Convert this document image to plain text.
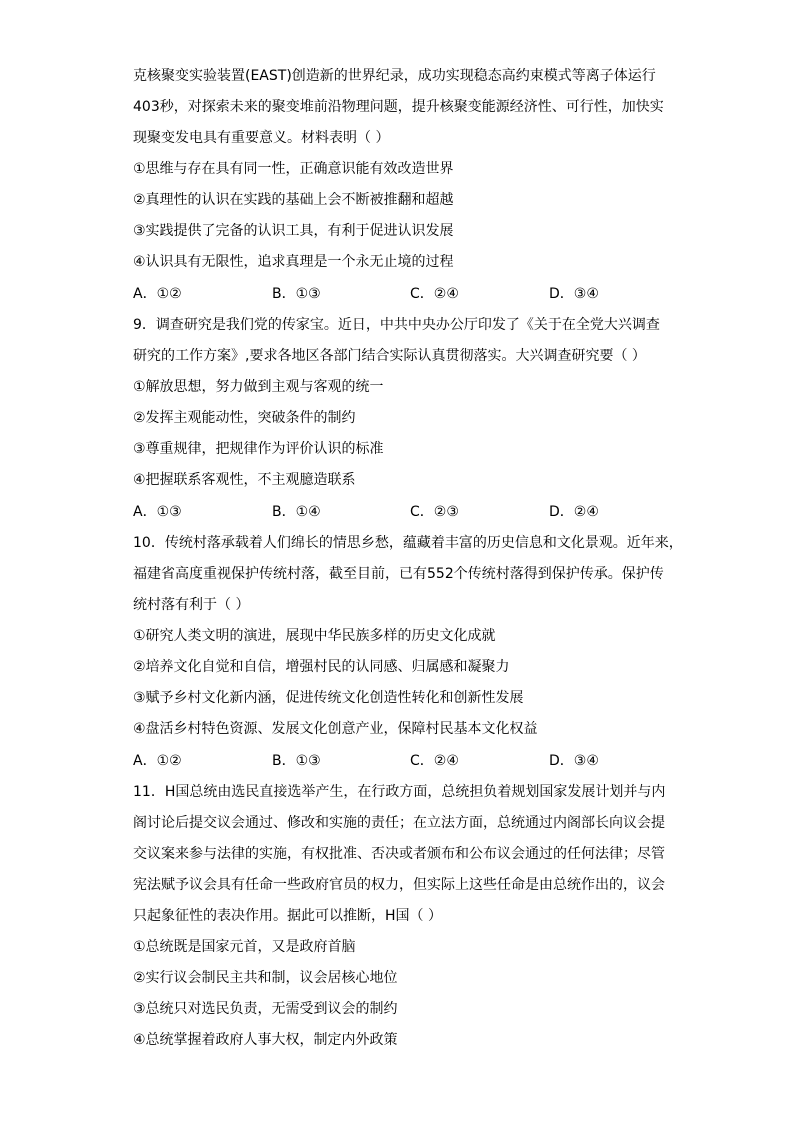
克核聚变实验装置(EAST)创造新的世界纪录，成功实现稳态高约束模式等离子体运行
403秒，对探索未来的聚变堆前沿物理问题，提升核聚变能源经济性、可行性，加快实
现聚变发电具有重要意义。材料表明（ ）
①思维与存在具有同一性，正确意识能有效改造世界
②真理性的认识在实践的基础上会不断被推翻和超越
③实践提供了完备的认识工具，有利于促进认识发展
④认识具有无限性，追求真理是一个永无止境的过程
A．①②	B．①③	C．②④	D．③④
9．调查研究是我们党的传家宝。近日，中共中央办公厅印发了《关于在全党大兴调查
研究的工作方案》,要求各地区各部门结合实际认真贯彻落实。大兴调查研究要（ ）
①解放思想，努力做到主观与客观的统一
②发挥主观能动性，突破条件的制约
③尊重规律，把规律作为评价认识的标准
④把握联系客观性，不主观臆造联系
A．①③	B．①④	C．②③	D．②④
10．传统村落承载着人们绵长的情思乡愁，蕴藏着丰富的历史信息和文化景观。近年来，
福建省高度重视保护传统村落，截至目前，已有552个传统村落得到保护传承。保护传
统村落有利于（ ）
①研究人类文明的演进，展现中华民族多样的历史文化成就
②培养文化自觉和自信，增强村民的认同感、归属感和凝聚力
③赋予乡村文化新内涵，促进传统文化创造性转化和创新性发展
④盘活乡村特色资源、发展文化创意产业，保障村民基本文化权益
A．①②	B．①③	C．②④	D．③④
11．H国总统由选民直接选举产生，在行政方面，总统担负着规划国家发展计划并与内
阁讨论后提交议会通过、修改和实施的责任；在立法方面，总统通过内阁部长向议会提
交议案来参与法律的实施，有权批准、否决或者颁布和公布议会通过的任何法律；尽管
宪法赋予议会具有任命一些政府官员的权力，但实际上这些任命是由总统作出的，议会
只起象征性的表决作用。据此可以推断，H国（ ）
①总统既是国家元首，又是政府首脑
②实行议会制民主共和制，议会居核心地位
③总统只对选民负责，无需受到议会的制约
④总统掌握着政府人事大权，制定内外政策
